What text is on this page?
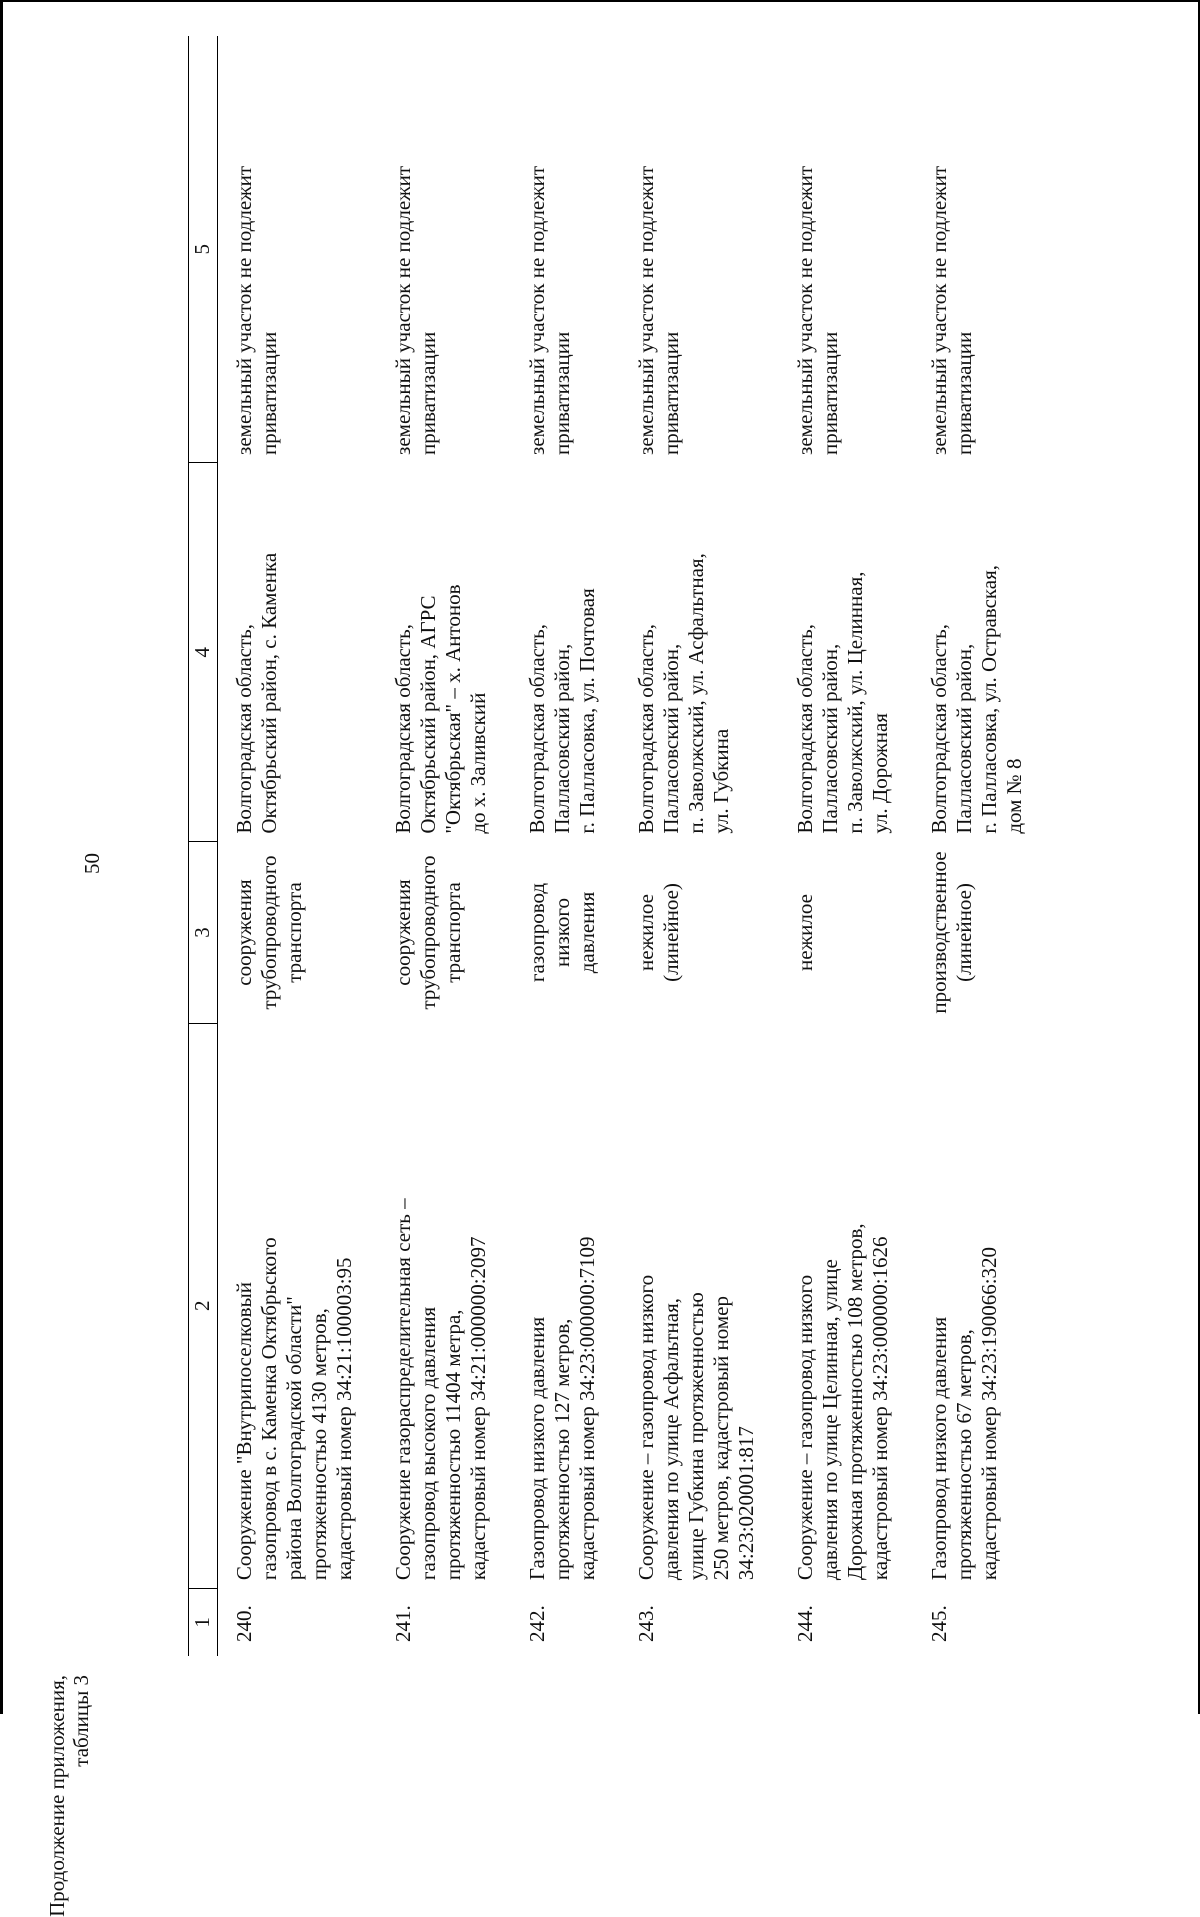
50
Продолжение приложения, таблицы 3
1	2	3	4	5
240.	Сооружение "Внутрипоселковый
газопровод в с. Каменка Октябрьского
района Волгоградской области"
протяженностью 4130 метров,
кадастровый номер 34:21:100003:95	сооружения
трубопроводного
транспорта	Волгоградская область,
Октябрьский район, с. Каменка	земельный участок не подлежит
приватизации
241.	Сооружение газораспределительная сеть –
газопровод высокого давления
протяженностью 11404 метра,
кадастровый номер 34:21:000000:2097	сооружения
трубопроводного
транспорта	Волгоградская область,
Октябрьский район, АГРС
"Октябрьская" – х. Антонов
до х. Заливский	земельный участок не подлежит
приватизации
242.	Газопровод низкого давления
протяженностью 127 метров,
кадастровый номер 34:23:000000:7109	газопровод низкого
давления	Волгоградская область,
Палласовский район,
г. Палласовка, ул. Почтовая	земельный участок не подлежит
приватизации
243.	Сооружение – газопровод низкого
давления по улице Асфальтная,
улице Губкина протяженностью
250 метров, кадастровый номер
34:23:020001:817	нежилое (линейное)	Волгоградская область,
Палласовский район,
п. Заволжский, ул. Асфальтная,
ул. Губкина	земельный участок не подлежит
приватизации
244.	Сооружение – газопровод низкого
давления по улице Целинная, улице
Дорожная протяженностью 108 метров,
кадастровый номер 34:23:000000:1626	нежилое	Волгоградская область,
Палласовский район,
п. Заволжский, ул. Целинная,
ул. Дорожная	земельный участок не подлежит
приватизации
245.	Газопровод низкого давления
протяженностью 67 метров,
кадастровый номер 34:23:190066:320	производственное
(линейное)	Волгоградская область,
Палласовский район,
г. Палласовка, ул. Остравская,
дом № 8	земельный участок не подлежит
приватизации
